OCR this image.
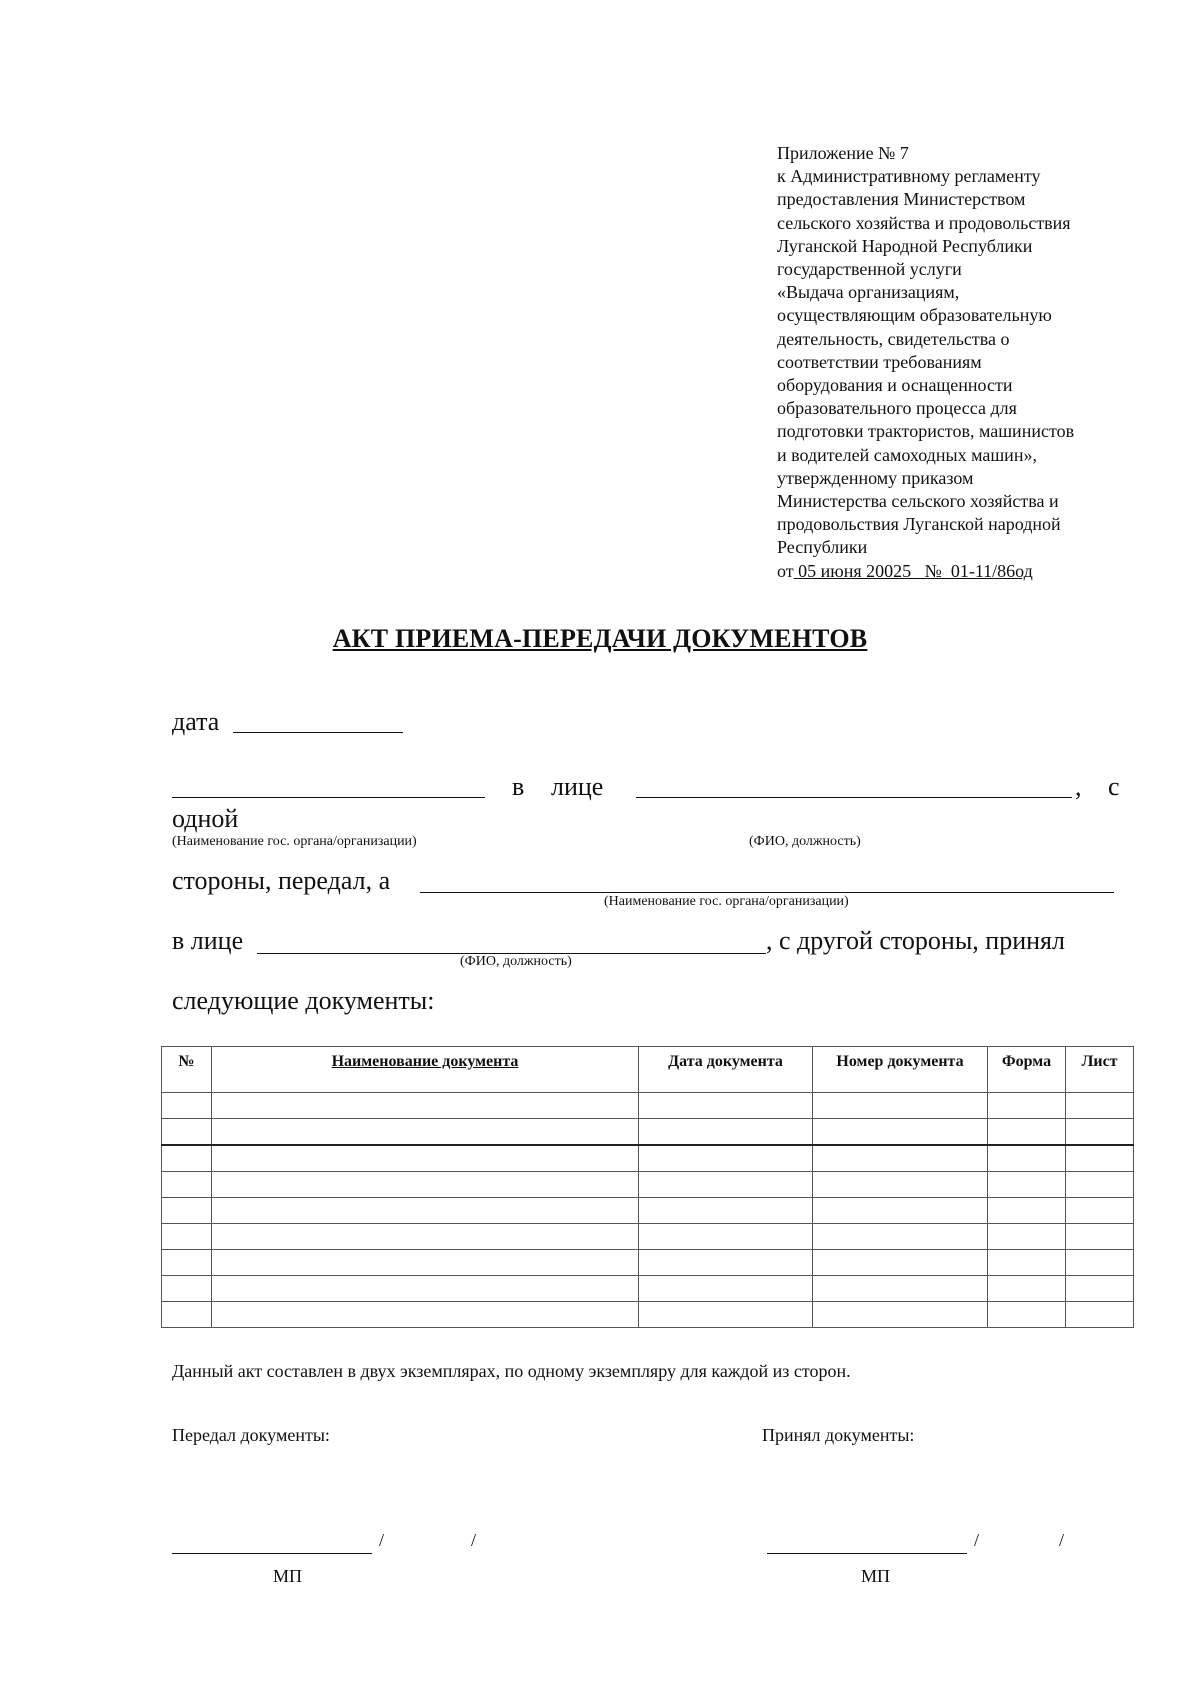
Приложение № 7
к Административному регламенту
предоставления Министерством
сельского хозяйства и продовольствия
Луганской Народной Республики
государственной услуги
«Выдача организациям,
осуществляющим образовательную
деятельность, свидетельства о
соответствии требованиям
оборудования и оснащенности
образовательного процесса для
подготовки трактористов, машинистов
и водителей самоходных машин»,
утвержденному приказом
Министерства сельского хозяйства и
продовольствия Луганской народной
Республики
от 05 июня 20025 № 01-11/86од
АКТ ПРИЕМА-ПЕРЕДАЧИ ДОКУМЕНТОВ
дата
в лице	, с
одной
(Наименование гос. органа/организации)	(ФИО, должность)
стороны, передал, а
(Наименование гос. органа/организации)
в лице
(ФИО, должность)
, с другой стороны, принял
следующие документы:
№	Наименование документа	Дата документа	Номер документа	Форма	Лист

Данный акт составлен в двух экземплярах, по одному экземпляру для каждой из сторон.
Передал документы:	Принял документы:
/	/
МП
/	/
МП
